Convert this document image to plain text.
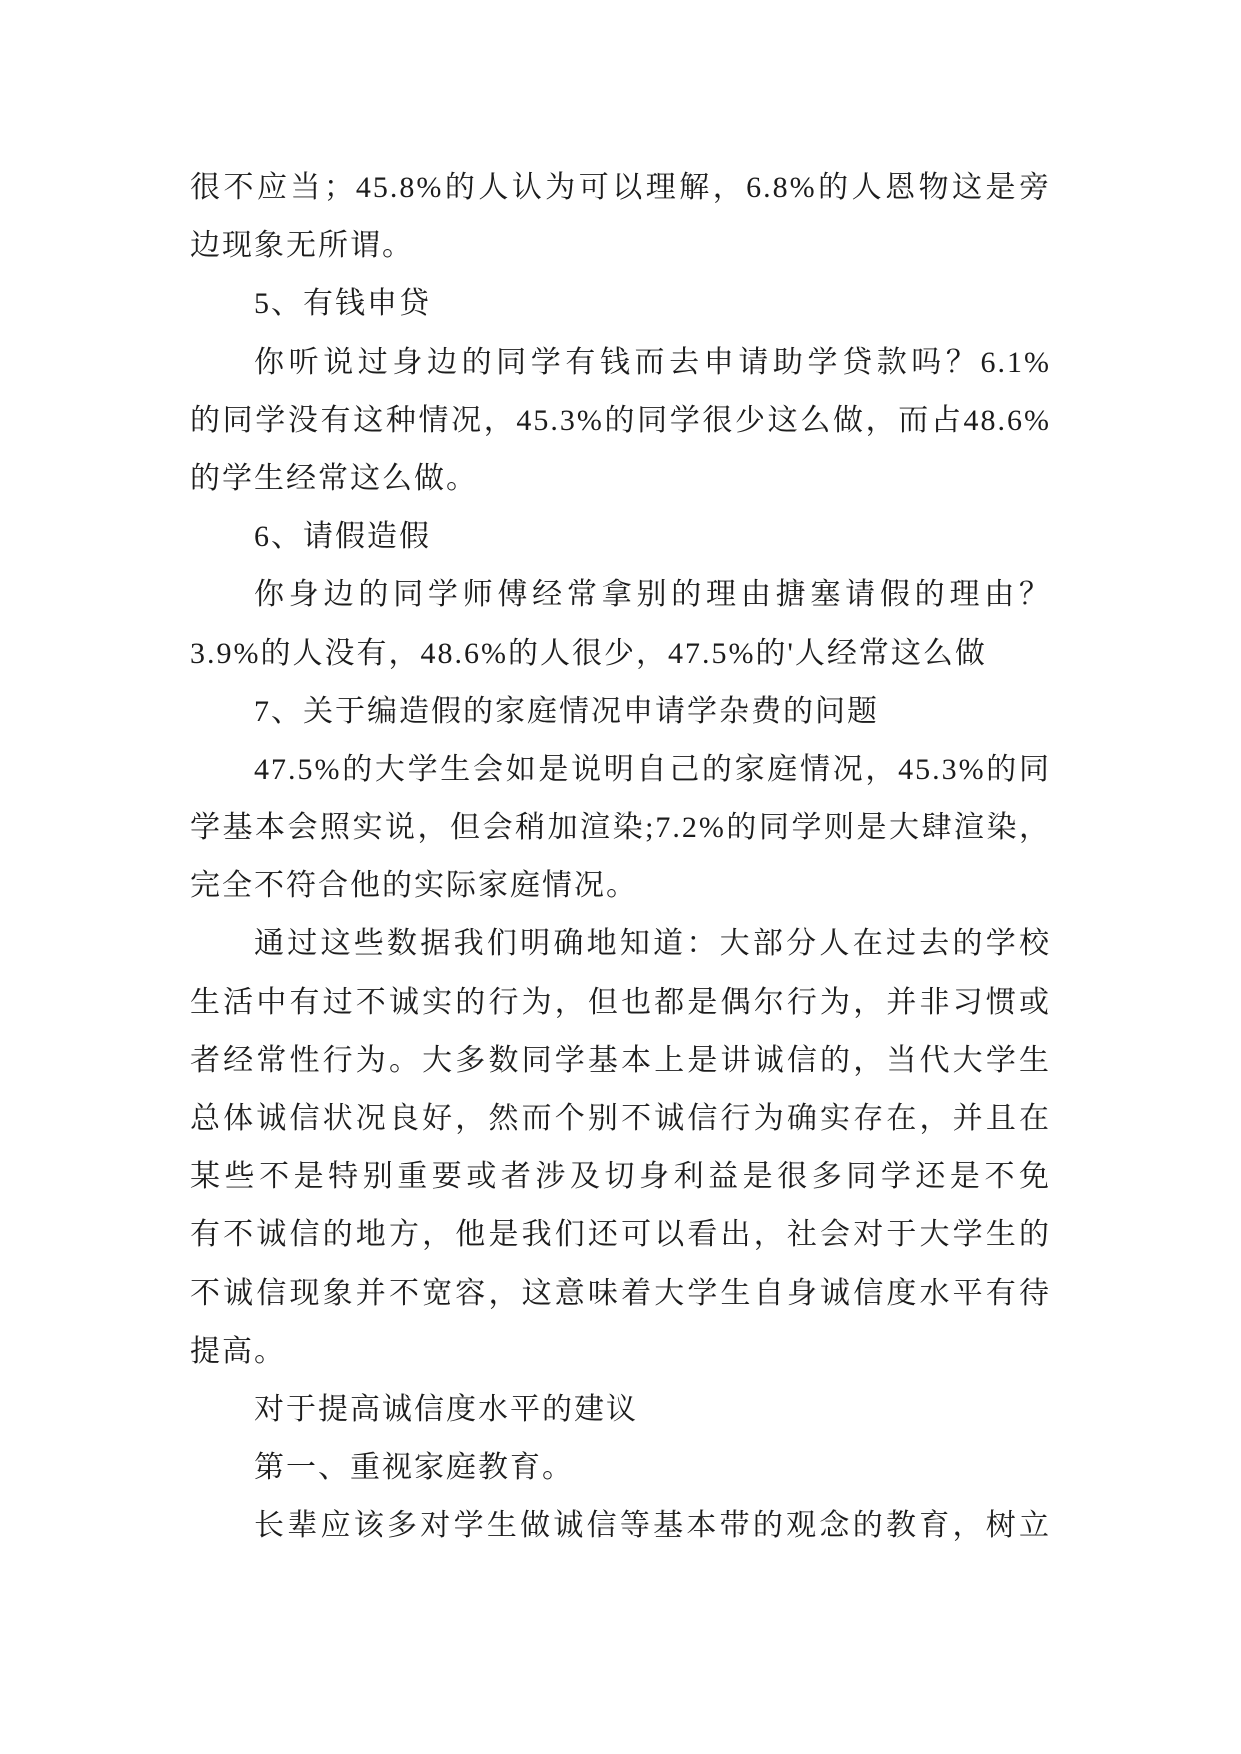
很不应当；45.8%的人认为可以理解，6.8%的人恩物这是旁
边现象无所谓。
5、有钱申贷
你听说过身边的同学有钱而去申请助学贷款吗？6.1%
的同学没有这种情况，45.3%的同学很少这么做，而占48.6%
的学生经常这么做。
6、请假造假
你身边的同学师傅经常拿别的理由搪塞请假的理由？
3.9%的人没有，48.6%的人很少，47.5%的'人经常这么做
7、关于编造假的家庭情况申请学杂费的问题
47.5%的大学生会如是说明自己的家庭情况，45.3%的同
学基本会照实说，但会稍加渲染;7.2%的同学则是大肆渲染，
完全不符合他的实际家庭情况。
通过这些数据我们明确地知道：大部分人在过去的学校
生活中有过不诚实的行为，但也都是偶尔行为，并非习惯或
者经常性行为。大多数同学基本上是讲诚信的，当代大学生
总体诚信状况良好，然而个别不诚信行为确实存在，并且在
某些不是特别重要或者涉及切身利益是很多同学还是不免
有不诚信的地方，他是我们还可以看出，社会对于大学生的
不诚信现象并不宽容，这意味着大学生自身诚信度水平有待
提高。
对于提高诚信度水平的建议
第一、重视家庭教育。
长辈应该多对学生做诚信等基本带的观念的教育，树立
